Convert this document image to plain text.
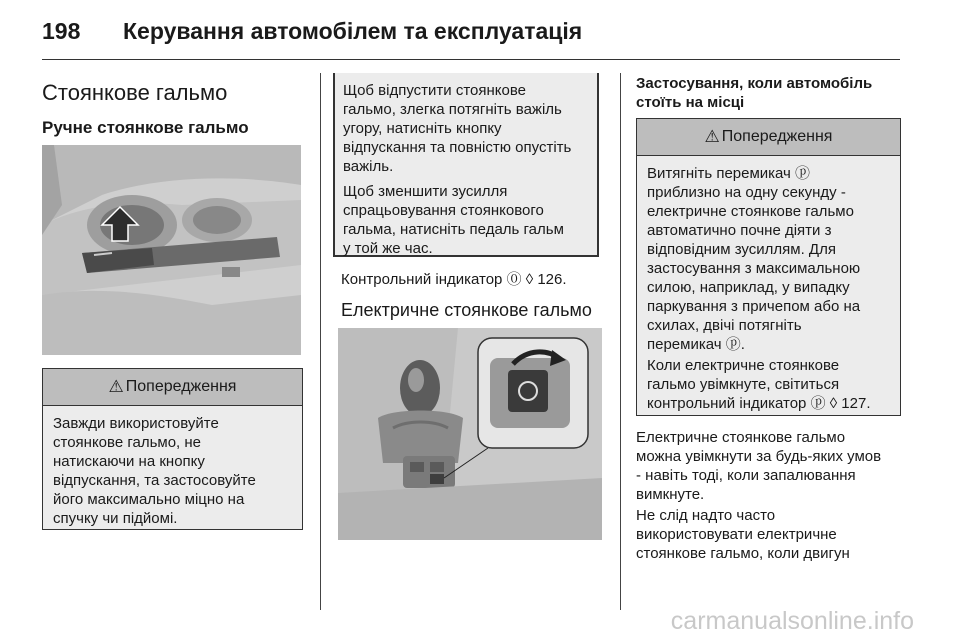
198 Керування автомобілем та експлуатація
Стоянкове гальмо
Ручне стоянкове гальмо
⚠ Попередження
Завжди використовуйте
стоянкове гальмо, не
натискаючи на кнопку
відпускання, та застосовуйте
його максимально міцно на
спучку чи підйомі.
Щоб відпустити стоянкове
гальмо, злегка потягніть важіль
угору, натисніть кнопку
відпускання та повністю опустіть
важіль.
Щоб зменшити зусилля
спрацьовування стоянкового
гальма, натисніть педаль гальм
у той же час.
Контрольний індикатор ⓪ ◊ 126.
Електричне стоянкове гальмо
Застосування, коли автомобіль
стоїть на місці
⚠ Попередження
Витягніть перемикач ⓟ
приблизно на одну секунду -
електричне стоянкове гальмо
автоматично почне діяти з
відповідним зусиллям. Для
застосування з максимальною
силою, наприклад, у випадку
паркування з причепом або на
схилах, двічі потягніть
перемикач ⓟ.
Коли електричне стоянкове
гальмо увімкнуте, світиться
контрольний індикатор ⓟ ◊ 127.
Електричне стоянкове гальмо
можна увімкнути за будь-яких умов
- навіть тоді, коли запалювання
вимкнуте.
Не слід надто часто
використовувати електричне
стоянкове гальмо, коли двигун
carmanualsonline.info
